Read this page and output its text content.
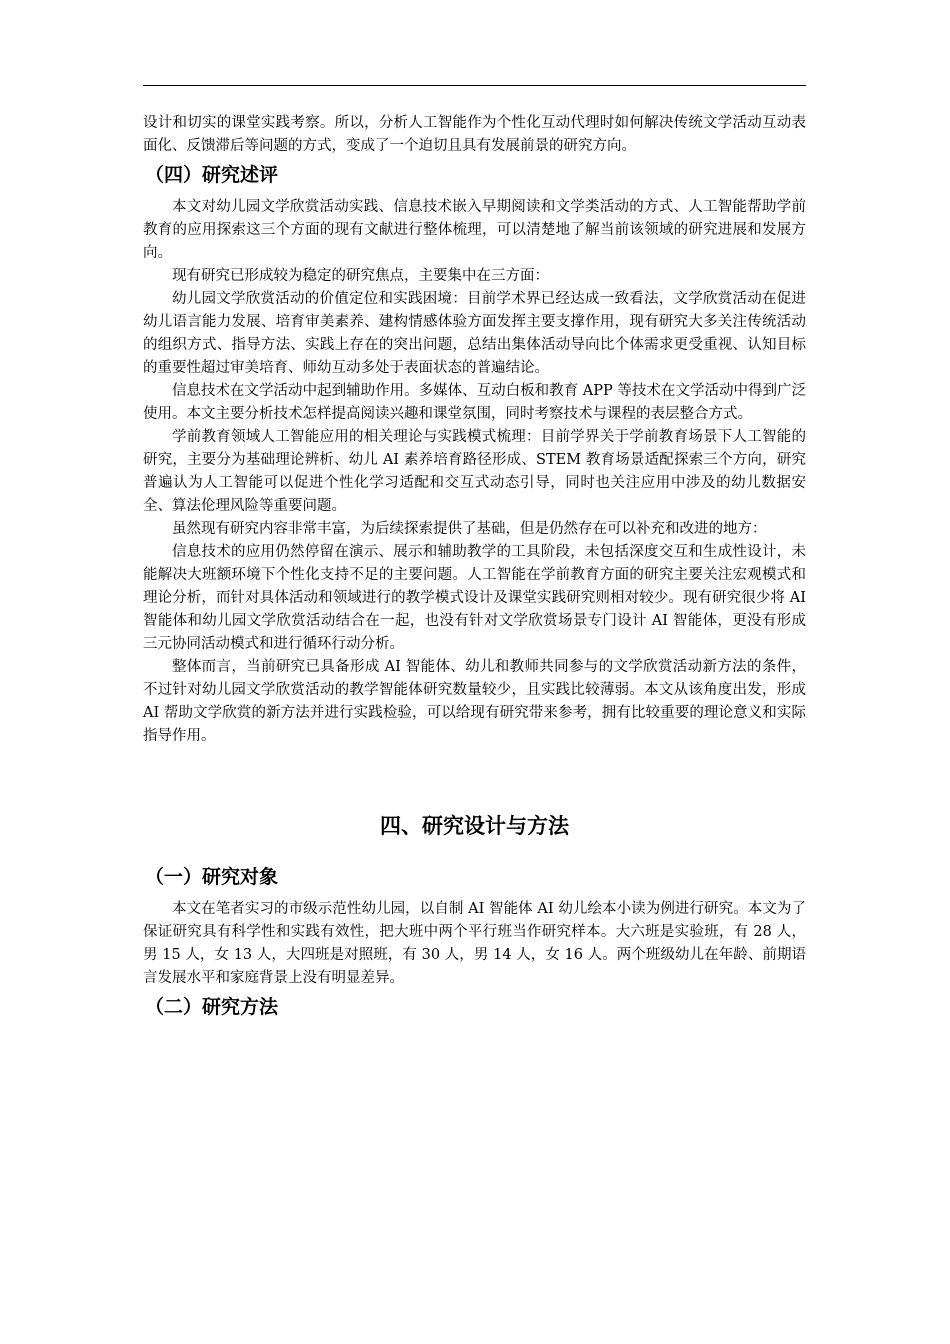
设计和切实的课堂实践考察。所以，分析人工智能作为个性化互动代理时如何解决传统文学活动互动表面化、反馈滞后等问题的方式，变成了一个迫切且具有发展前景的研究方向。

（四）研究述评

本文对幼儿园文学欣赏活动实践、信息技术嵌入早期阅读和文学类活动的方式、人工智能帮助学前教育的应用探索这三个方面的现有文献进行整体梳理，可以清楚地了解当前该领域的研究进展和发展方向。

现有研究已形成较为稳定的研究焦点，主要集中在三方面：

幼儿园文学欣赏活动的价值定位和实践困境：目前学术界已经达成一致看法，文学欣赏活动在促进幼儿语言能力发展、培育审美素养、建构情感体验方面发挥主要支撑作用，现有研究大多关注传统活动的组织方式、指导方法、实践上存在的突出问题，总结出集体活动导向比个体需求更受重视、认知目标的重要性超过审美培育、师幼互动多处于表面状态的普遍结论。

信息技术在文学活动中起到辅助作用。多媒体、互动白板和教育 APP 等技术在文学活动中得到广泛使用。本文主要分析技术怎样提高阅读兴趣和课堂氛围，同时考察技术与课程的表层整合方式。

学前教育领域人工智能应用的相关理论与实践模式梳理：目前学界关于学前教育场景下人工智能的研究，主要分为基础理论辨析、幼儿 AI 素养培育路径形成、STEM 教育场景适配探索三个方向，研究普遍认为人工智能可以促进个性化学习适配和交互式动态引导，同时也关注应用中涉及的幼儿数据安全、算法伦理风险等重要问题。

虽然现有研究内容非常丰富，为后续探索提供了基础，但是仍然存在可以补充和改进的地方：

信息技术的应用仍然停留在演示、展示和辅助教学的工具阶段，未包括深度交互和生成性设计，未能解决大班额环境下个性化支持不足的主要问题。人工智能在学前教育方面的研究主要关注宏观模式和理论分析，而针对具体活动和领域进行的教学模式设计及课堂实践研究则相对较少。现有研究很少将 AI 智能体和幼儿园文学欣赏活动结合在一起，也没有针对文学欣赏场景专门设计 AI 智能体，更没有形成三元协同活动模式和进行循环行动分析。

整体而言，当前研究已具备形成 AI 智能体、幼儿和教师共同参与的文学欣赏活动新方法的条件，不过针对幼儿园文学欣赏活动的教学智能体研究数量较少，且实践比较薄弱。本文从该角度出发，形成 AI 帮助文学欣赏的新方法并进行实践检验，可以给现有研究带来参考，拥有比较重要的理论意义和实际指导作用。

四、研究设计与方法
（一）研究对象

本文在笔者实习的市级示范性幼儿园，以自制 AI 智能体 AI 幼儿绘本小读为例进行研究。本文为了保证研究具有科学性和实践有效性，把大班中两个平行班当作研究样本。大六班是实验班，有 28 人，男 15 人，女 13 人，大四班是对照班，有 30 人，男 14 人，女 16 人。两个班级幼儿在年龄、前期语言发展水平和家庭背景上没有明显差异。

（二）研究方法
